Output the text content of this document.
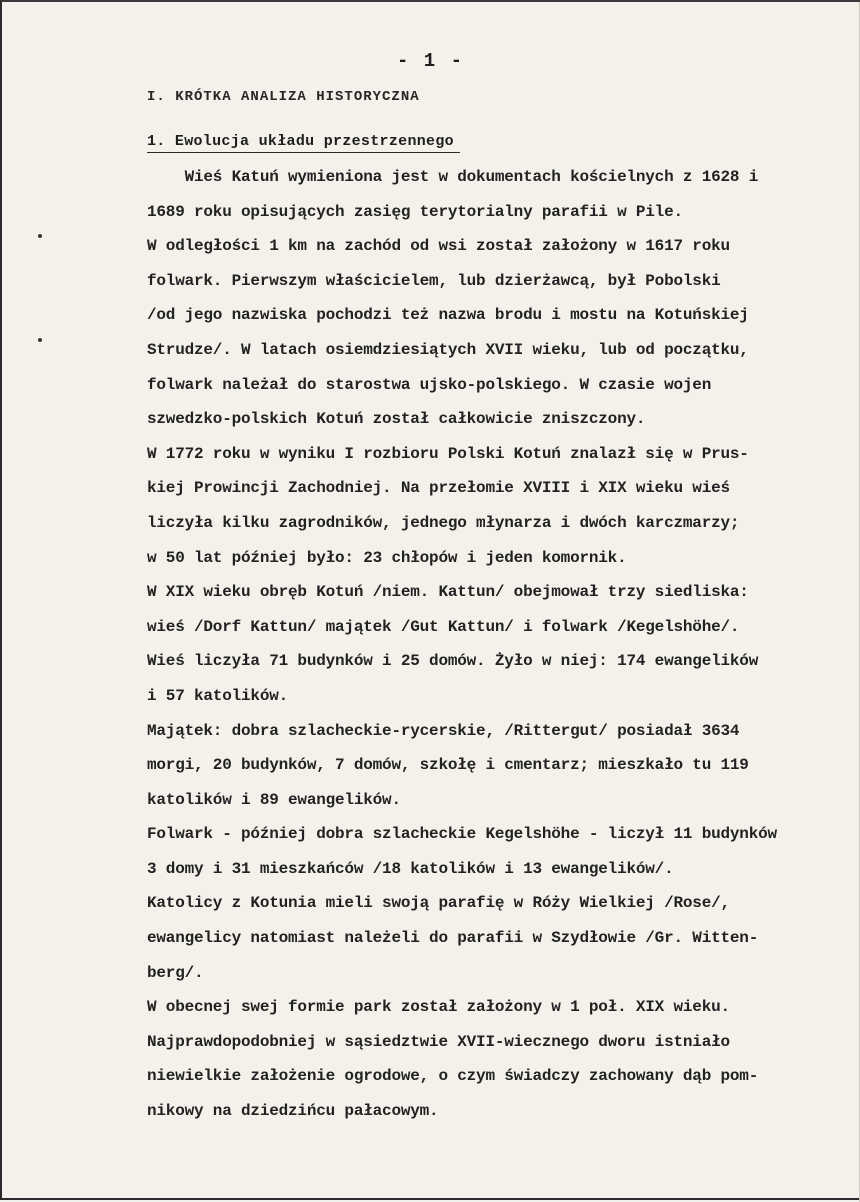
- 1 -
I. KRÓTKA ANALIZA HISTORYCZNA
1. Ewolucja układu przestrzennego
Wieś Katuń wymieniona jest w dokumentach kościelnych z 1628 i
1689 roku opisujących zasięg terytorialny parafii w Pile.
W odległości 1 km na zachód od wsi został założony w 1617 roku
folwark. Pierwszym właścicielem, lub dzierżawcą, był Pobolski
/od jego nazwiska pochodzi też nazwa brodu i mostu na Kotuńskiej
Strudze/. W latach osiemdziesiątych XVII wieku, lub od początku,
folwark należał do starostwa ujsko-polskiego. W czasie wojen
szwedzko-polskich Kotuń został całkowicie zniszczony.
W 1772 roku w wyniku I rozbioru Polski Kotuń znalazł się w Prus-
kiej Prowincji Zachodniej. Na przełomie XVIII i XIX wieku wieś
liczyła kilku zagrodników, jednego młynarza i dwóch karczmarzy;
w 50 lat później było: 23 chłopów i jeden komornik.
W XIX wieku obręb Kotuń /niem. Kattun/ obejmował trzy siedliska:
wieś /Dorf Kattun/ majątek /Gut Kattun/ i folwark /Kegelshöhe/.
Wieś liczyła 71 budynków i 25 domów. Żyło w niej: 174 ewangelików
i 57 katolików.
Majątek: dobra szlacheckie-rycerskie, /Rittergut/ posiadał 3634
morgi, 20 budynków, 7 domów, szkołę i cmentarz; mieszkało tu 119
katolików i 89 ewangelików.
Folwark - później dobra szlacheckie Kegelshöhe - liczył 11 budynków
3 domy i 31 mieszkańców /18 katolików i 13 ewangelików/.
Katolicy z Kotunia mieli swoją parafię w Róży Wielkiej /Rose/,
ewangelicy natomiast należeli do parafii w Szydłowie /Gr. Witten-
berg/.
W obecnej swej formie park został założony w 1 poł. XIX wieku.
Najprawdopodobniej w sąsiedztwie XVII-wiecznego dworu istniało
niewielkie założenie ogrodowe, o czym świadczy zachowany dąb pom-
nikowy na dziedzińcu pałacowym.
